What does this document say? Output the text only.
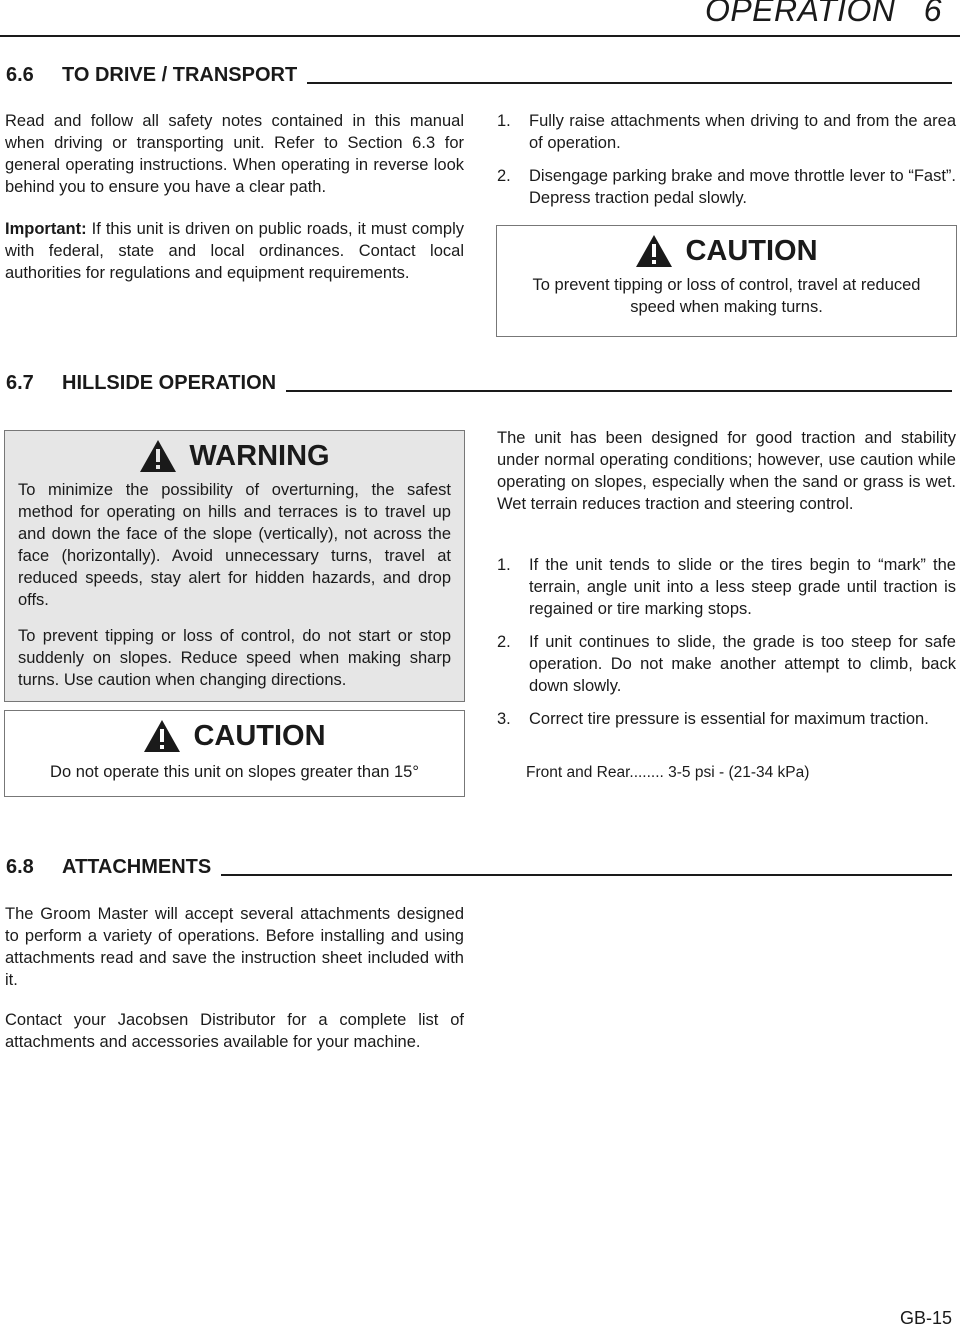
OPERATION   6
6.6	TO DRIVE / TRANSPORT
Read and follow all safety notes contained in this manual when driving or transporting unit. Refer to Section 6.3 for general operating instructions. When operating in reverse look behind you to ensure you have a clear path.
Important: If this unit is driven on public roads, it must comply with federal, state and local ordinances. Contact local authorities for regulations and equipment requirements.
1.	Fully raise attachments when driving to and from the area of operation.
2.	Disengage parking brake and move throttle lever to “Fast”. Depress traction pedal slowly.
CAUTION
To prevent tipping or loss of control, travel at reduced speed when making turns.
6.7	HILLSIDE OPERATION
WARNING
To minimize the possibility of overturning, the safest method for operating on hills and terraces is to travel up and down the face of the slope (vertically), not across the face (horizontally). Avoid unnecessary turns, travel at reduced speeds, stay alert for hidden hazards, and drop offs.
To prevent tipping or loss of control, do not start or stop suddenly on slopes. Reduce speed when making sharp turns. Use caution when changing directions.
CAUTION
Do not operate this unit on slopes greater than 15°
The unit has been designed for good traction and stability under normal operating conditions; however, use caution while operating on slopes, especially when the sand or grass is wet. Wet terrain reduces traction and steering control.
1.	If the unit tends to slide or the tires begin to “mark” the terrain, angle unit into a less steep grade until traction is regained or tire marking stops.
2.	If unit continues to slide, the grade is too steep for safe operation. Do not make another attempt to climb, back down slowly.
3.	Correct tire pressure is essential for maximum traction.
Front and Rear........ 3-5 psi - (21-34 kPa)
6.8	ATTACHMENTS
The Groom Master will accept several attachments designed to perform a variety of operations. Before installing and using attachments read and save the instruction sheet included with it.
Contact your Jacobsen Distributor for a complete list of attachments and accessories available for your machine.
GB-15
